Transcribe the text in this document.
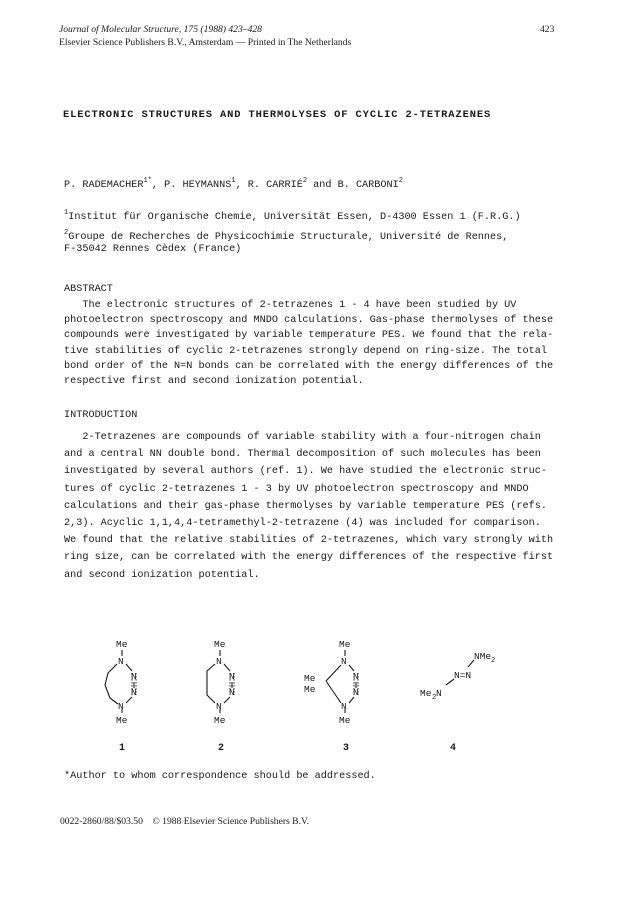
Journal of Molecular Structure, 175 (1988) 423–428
Elsevier Science Publishers B.V., Amsterdam — Printed in The Netherlands
423
ELECTRONIC STRUCTURES AND THERMOLYSES OF CYCLIC 2-TETRAZENES
P. $RADEMACHER^{1*}$, P. HEYMANNS$^1$, R. CARRIÉ$^2$ and B. CARBONI$^2$
$^1$Institut für Organische Chemie, Universität Essen, D-4300 Essen 1 (F.R.G.)
$^2$Groupe de Recherches de Physicochimie Structurale, Université de Rennes,
F-35042 Rennes Cèdex (France)
ABSTRACT
The electronic structures of 2-tetrazenes 1 - 4 have been studied by UV
photoelectron spectroscopy and MNDO calculations. Gas-phase thermolyses of these
compounds were investigated by variable temperature PES. We found that the rela-
tive stabilities of cyclic 2-tetrazenes strongly depend on ring-size. The total
bond order of the N=N bonds can be correlated with the energy differences of the
respective first and second ionization potential.
INTRODUCTION
2-Tetrazenes are compounds of variable stability with a four-nitrogen chain
and a central NN double bond. Thermal decomposition of such molecules has been
investigated by several authors (ref. 1). We have studied the electronic struc-
tures of cyclic 2-tetrazenes 1 - 3 by UV photoelectron spectroscopy and MNDO
calculations and their gas-phase thermolyses by variable temperature PES (refs.
2,3). Acyclic 1,1,4,4-tetramethyl-2-tetrazene (4) was included for comparison.
We found that the relative stabilities of 2-tetrazenes, which vary strongly with
ring size, can be correlated with the energy differences of the respective first
and second ionization potential.
Me
N
N
N
N
Me
Me
N
N
N
N
Me
Me
N
Me
Me
N
N
N
Me
NMe 2
N=N
Me 2 N
1	2	3	4
*Author to whom correspondence should be addressed.
0022-2860/88/$03.50    © 1988 Elsevier Science Publishers B.V.
